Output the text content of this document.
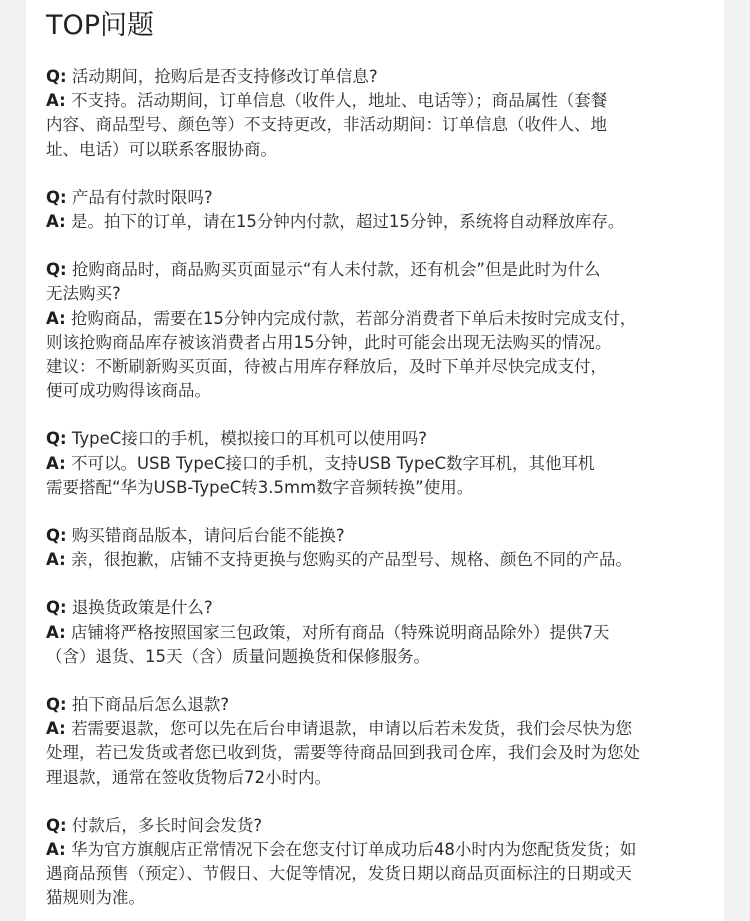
TOP问题
Q: 活动期间，抢购后是否支持修改订单信息?
A: 不支持。活动期间，订单信息（收件人，地址、电话等）；商品属性（套餐
内容、商品型号、颜色等）不支持更改，非活动期间：订单信息（收件人、地
址、电话）可以联系客服协商。
Q: 产品有付款时限吗?
A: 是。拍下的订单，请在15分钟内付款，超过15分钟，系统将自动释放库存。
Q: 抢购商品时，商品购买页面显示“有人未付款，还有机会”但是此时为什么
无法购买?
A: 抢购商品，需要在15分钟内完成付款，若部分消费者下单后未按时完成支付，
则该抢购商品库存被该消费者占用15分钟，此时可能会出现无法购买的情况。
建议：不断刷新购买页面，待被占用库存释放后，及时下单并尽快完成支付，
便可成功购得该商品。
Q: TypeC接口的手机，模拟接口的耳机可以使用吗?
A: 不可以。USB TypeC接口的手机，支持USB TypeC数字耳机，其他耳机
需要搭配“华为USB-TypeC转3.5mm数字音频转换”使用。
Q: 购买错商品版本，请问后台能不能换?
A: 亲，很抱歉，店铺不支持更换与您购买的产品型号、规格、颜色不同的产品。
Q: 退换货政策是什么?
A: 店铺将严格按照国家三包政策，对所有商品（特殊说明商品除外）提供7天
（含）退货、15天（含）质量问题换货和保修服务。
Q: 拍下商品后怎么退款?
A: 若需要退款，您可以先在后台申请退款，申请以后若未发货，我们会尽快为您
处理，若已发货或者您已收到货，需要等待商品回到我司仓库，我们会及时为您处
理退款，通常在签收货物后72小时内。
Q: 付款后，多长时间会发货?
A: 华为官方旗舰店正常情况下会在您支付订单成功后48小时内为您配货发货；如
遇商品预售（预定）、节假日、大促等情况，发货日期以商品页面标注的日期或天
猫规则为准。
